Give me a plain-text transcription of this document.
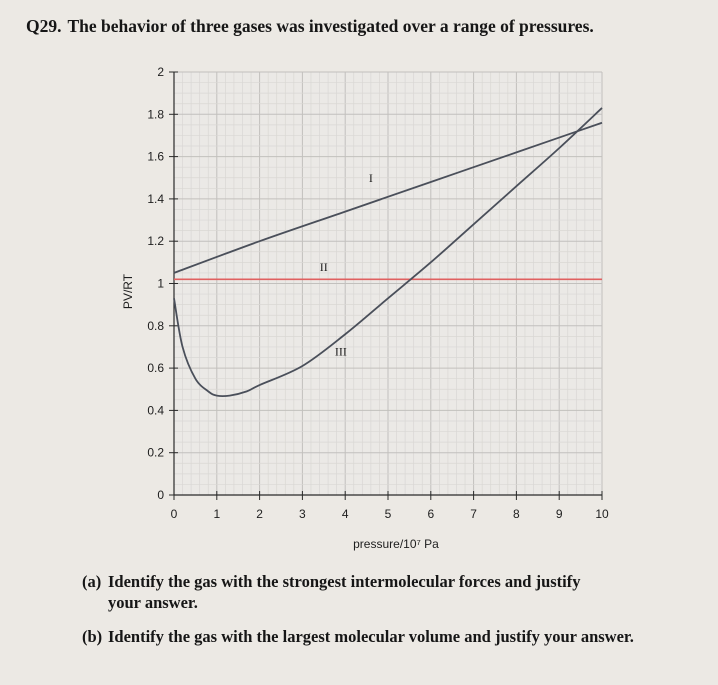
Q29. The behavior of three gases was investigated over a range of pressures.
0	1	2	3	4	5	6	7	8	9	10
0
0.2
0.4
0.6
0.8
1
1.2
1.4
1.6
1.8
2
pressure/10⁷ Pa
PV/RT
I
II
III

(a) Identify the gas with the strongest intermolecular forces and justify
your answer.

(b) Identify the gas with the largest molecular volume and justify your answer.
